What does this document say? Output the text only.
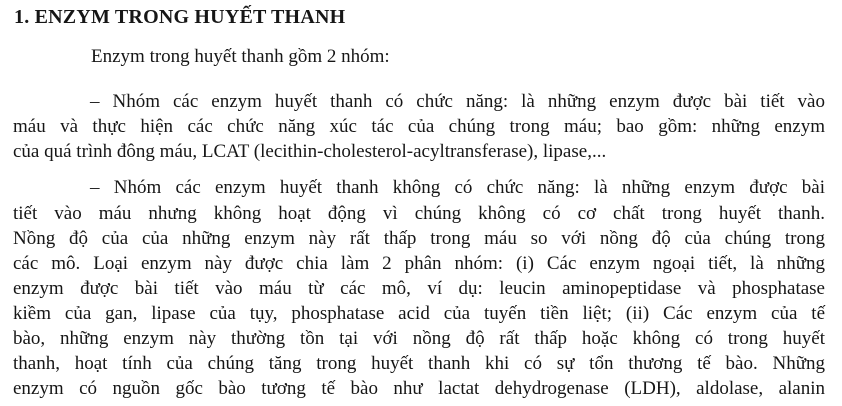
1. ENZYM TRONG HUYẾT THANH
Enzym trong huyết thanh gồm 2 nhóm:
– Nhóm các enzym huyết thanh có chức năng: là những enzym được bài tiết vào
máu và thực hiện các chức năng xúc tác của chúng trong máu; bao gồm: những enzym
của quá trình đông máu, LCAT (lecithin-cholesterol-acyltransferase), lipase,...
– Nhóm các enzym huyết thanh không có chức năng: là những enzym được bài
tiết vào máu nhưng không hoạt động vì chúng không có cơ chất trong huyết thanh.
Nồng độ của của những enzym này rất thấp trong máu so với nồng độ của chúng trong
các mô. Loại enzym này được chia làm 2 phân nhóm: (i) Các enzym ngoại tiết, là những
enzym được bài tiết vào máu từ các mô, ví dụ: leucin aminopeptidase và phosphatase
kiềm của gan, lipase của tụy, phosphatase acid của tuyến tiền liệt; (ii) Các enzym của tế
bào, những enzym này thường tồn tại với nồng độ rất thấp hoặc không có trong huyết
thanh, hoạt tính của chúng tăng trong huyết thanh khi có sự tổn thương tế bào. Những
enzym có nguồn gốc bào tương tế bào như lactat dehydrogenase (LDH), aldolase, alanin
